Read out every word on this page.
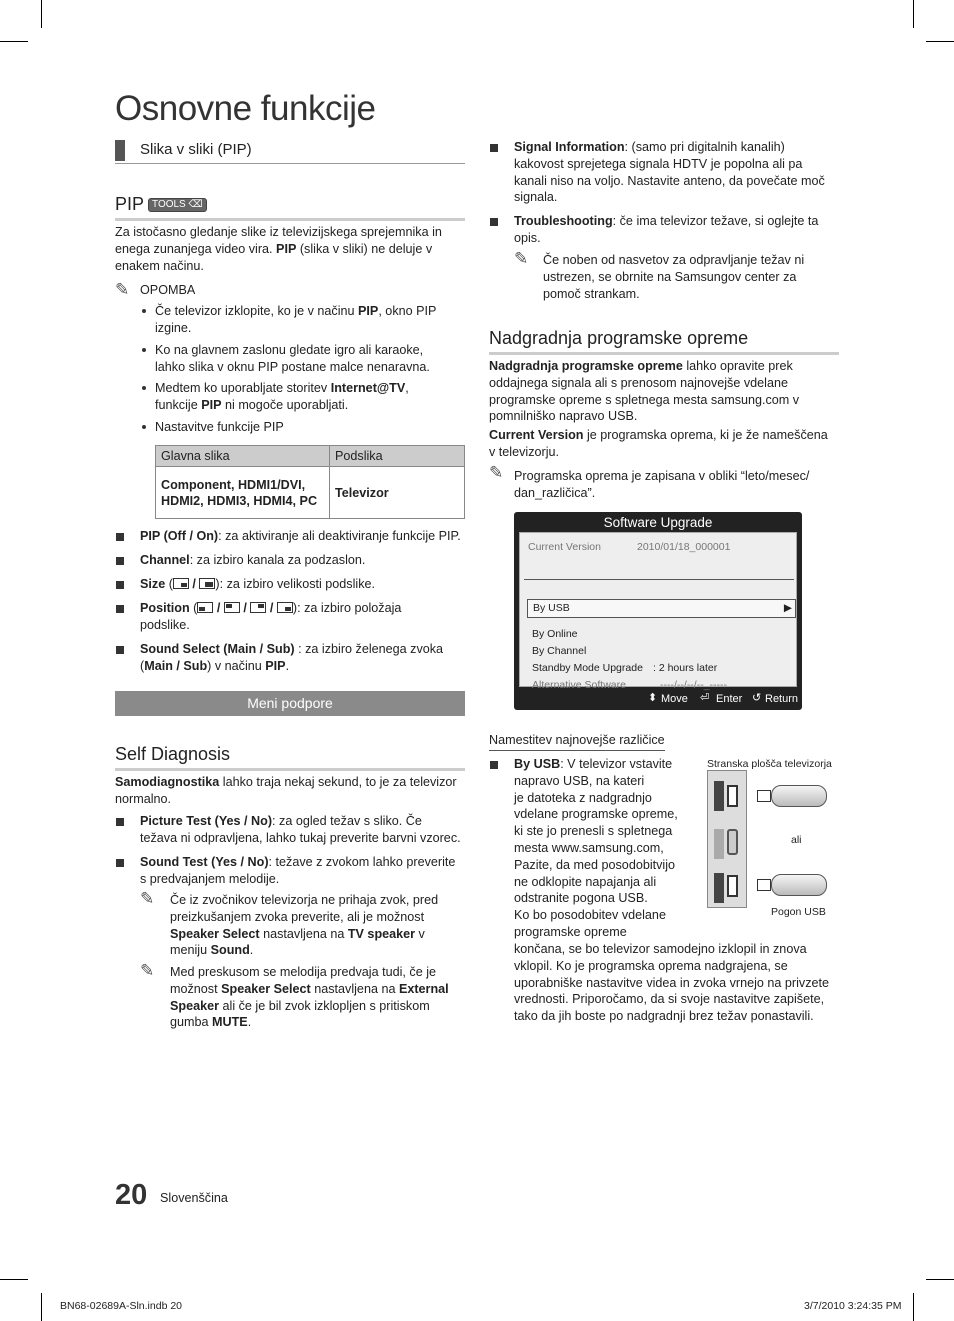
Osnovne funkcije
Slika v sliki (PIP)
PIP TOOLS ⌫
Za istočasno gledanje slike iz televizijskega sprejemnika in
enega zunanjega video vira. PIP (slika v sliki) ne deluje v
enakem načinu.
✎ OPOMBA
Če televizor izklopite, ko je v načinu PIP, okno PIP
izgine.
Ko na glavnem zaslonu gledate igro ali karaoke,
lahko slika v oknu PIP postane malce nenaravna.
Medtem ko uporabljate storitev Internet@TV,
funkcije PIP ni mogoče uporabljati.
Nastavitve funkcije PIP
Glavna slika	Podslika
Component, HDMI1/DVI, HDMI2, HDMI3, HDMI4, PC	Televizor
PIP (Off / On): za aktiviranje ali deaktiviranje funkcije PIP.
Channel: za izbiro kanala za podzaslon.
Size ( / ): za izbiro velikosti podslike.
Position ( / / / ): za izbiro položaja
podslike.
Sound Select (Main / Sub) : za izbiro želenega zvoka
(Main / Sub) v načinu PIP.
Meni podpore
Self Diagnosis
Samodiagnostika lahko traja nekaj sekund, to je za televizor
normalno.
Picture Test (Yes / No): za ogled težav s sliko. Če
težava ni odpravljena, lahko tukaj preverite barvni vzorec.
Sound Test (Yes / No): težave z zvokom lahko preverite
s predvajanjem melodije.
✎ Če iz zvočnikov televizorja ne prihaja zvok, pred
preizkušanjem zvoka preverite, ali je možnost
Speaker Select nastavljena na TV speaker v
meniju Sound.
✎ Med preskusom se melodija predvaja tudi, če je
možnost Speaker Select nastavljena na External
Speaker ali če je bil zvok izklopljen s pritiskom
gumba MUTE.
Signal Information: (samo pri digitalnih kanalih)
kakovost sprejetega signala HDTV je popolna ali pa
kanali niso na voljo. Nastavite anteno, da povečate moč
signala.
Troubleshooting: če ima televizor težave, si oglejte ta
opis.
✎ Če noben od nasvetov za odpravljanje težav ni
ustrezen, se obrnite na Samsungov center za
pomoč strankam.
Nadgradnja programske opreme
Nadgradnja programske opreme lahko opravite prek
oddajnega signala ali s prenosom najnovejše vdelane
programske opreme s spletnega mesta samsung.com v
pomnilniško napravo USB.
Current Version je programska oprema, ki je že nameščena
v televizorju.
✎ Programska oprema je zapisana v obliki “leto/mesec/
dan_različica”.
Software Upgrade
Current Version	2010/01/18_000001
By USB	▶
By Online
By Channel
Standby Mode Upgrade : 2 hours later
Alternative Software	----/--/--/--_-----
⬍ Move ⏎ Enter ↺ Return
Namestitev najnovejše različice
By USB: V televizor vstavite
napravo USB, na kateri
je datoteka z nadgradnjo
vdelane programske opreme,
ki ste jo prenesli s spletnega
mesta www.samsung.com,
Pazite, da med posodobitvijo
ne odklopite napajanja ali
odstranite pogona USB.
Ko bo posodobitev vdelane
programske opreme
končana, se bo televizor samodejno izklopil in znova
vklopil. Ko je programska oprema nadgrajena, se
uporabniške nastavitve videa in zvoka vrnejo na privzete
vrednosti. Priporočamo, da si svoje nastavitve zapišete,
tako da jih boste po nadgradnji brez težav ponastavili.
Stranska plošča televizorja
ali
Pogon USB
20 Slovenščina
BN68-02689A-Sln.indb 20	3/7/2010 3:24:35 PM
